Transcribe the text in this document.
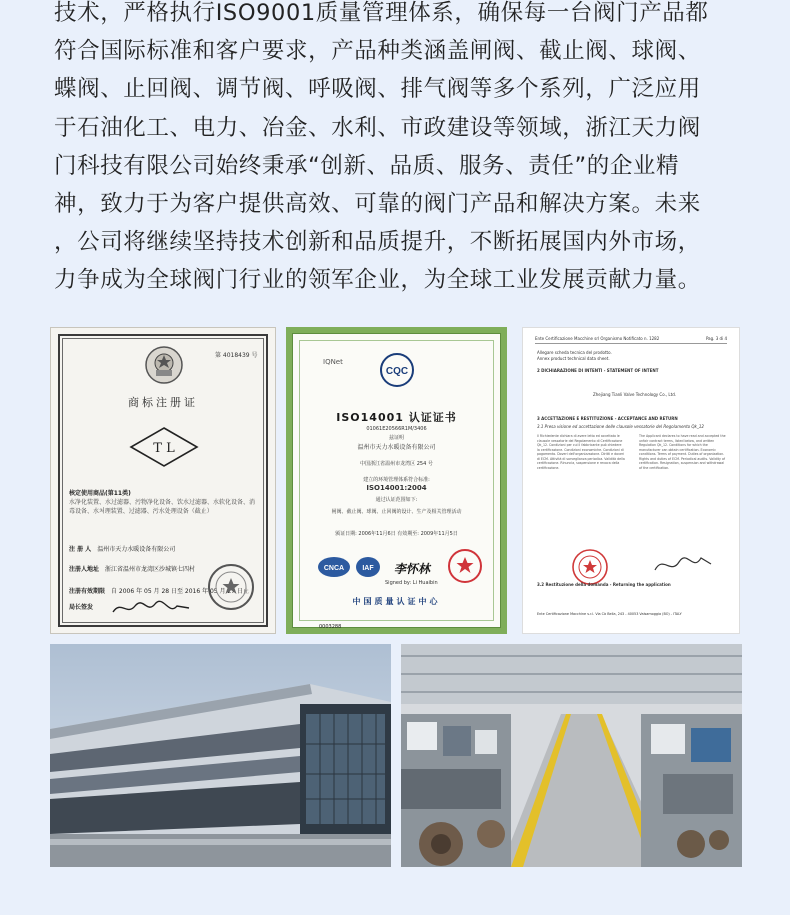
技术，严格执行ISO9001质量管理体系，确保每一台阀门产品都
符合国际标准和客户要求，产品种类涵盖闸阀、截止阀、球阀、
蝶阀、止回阀、调节阀、呼吸阀、排气阀等多个系列，广泛应用
于石油化工、电力、冶金、水利、市政建设等领域，浙江天力阀
门科技有限公司始终秉承“创新、品质、服务、责任”的企业精
神，致力于为客户提供高效、可靠的阀门产品和解决方案。未来
，公司将继续坚持技术创新和品质提升，不断拓展国内外市场，
力争成为全球阀门行业的领军企业，为全球工业发展贡献力量。
第 4018439 号
商标注册证
T L
核定使用商品(第11类)
水净化装置、水过滤器、污物净化设备、饮水过滤器、水软化设备、消毒设备、水처理装置、过滤器、污水处理设备（截止）
注 册 人 温州市天力水暖设备有限公司
注册人地址 浙江省温州市龙湾区沙城镇七四村
注册有效期限 自 2006 年 05 月 28 日至 2016 年 05 月 27 日止
局长签发
IQNet
CQC
ISO14001 认证证书
01061E20566R1M/3406
兹证明
温州市天力水暖设备有限公司
中国浙江省温州市龙湾区 254 号
建立的环境管理体系符合标准:
ISO14001:2004
通过认证范围如下:
闸阀、截止阀、球阀、止回阀的设计、生产及相关管理活动
颁证日期: 2006年11月6日 有效期至: 2009年11月5日
CNCA	IAF 李怀林
Signed by: Li Huaibin
中国质量认证中心
0003288
Ente Certificazione Macchine srl Organismo Notificato n. 1282	Pag. 3 di 4
Allegare scheda tecnica del prodotto.
Annex product technical data sheet.
2 DICHIARAZIONE DI INTENTI - STATEMENT OF INTENT
Zhejiang Tianli Valve Technology Co., Ltd.
3 ACCETTAZIONE E RESTITUZIONE - ACCEPTANCE AND RETURN
3.1 Presa visione ed accettazione delle clausole vessatorie del Regolamento Qk_12
Il Richiedente dichiara di avere letto ed accettato le clausole vessatorie del Regolamento di Certificazione Qk_12. Condizioni per cui il fabbricante può chiedere la certificazione. Condizioni economiche. Condizioni di pagamento. Doveri dell'organizzazione. Diritti e doveri di ECM. Attività di sorveglianza periodica. Validità della certificazione. Rinuncia, sospensione e revoca della certificazione.
The Applicant declares to have read and accepted the unfair contract terms, listed below, and written Regulation Qk_12. Conditions for which the manufacturer can obtain certification. Economic conditions. Terms of payment. Duties of organization. Rights and duties of ECM. Periodical audits. Validity of certification. Resignation, suspension and withdrawal of the certification.
3.2 Restituzione della domanda - Returning the application
Ente Certificazione Macchine s.r.l. Via Cà Bella, 243 - 40053 Valsamoggia (BO) - ITALY
